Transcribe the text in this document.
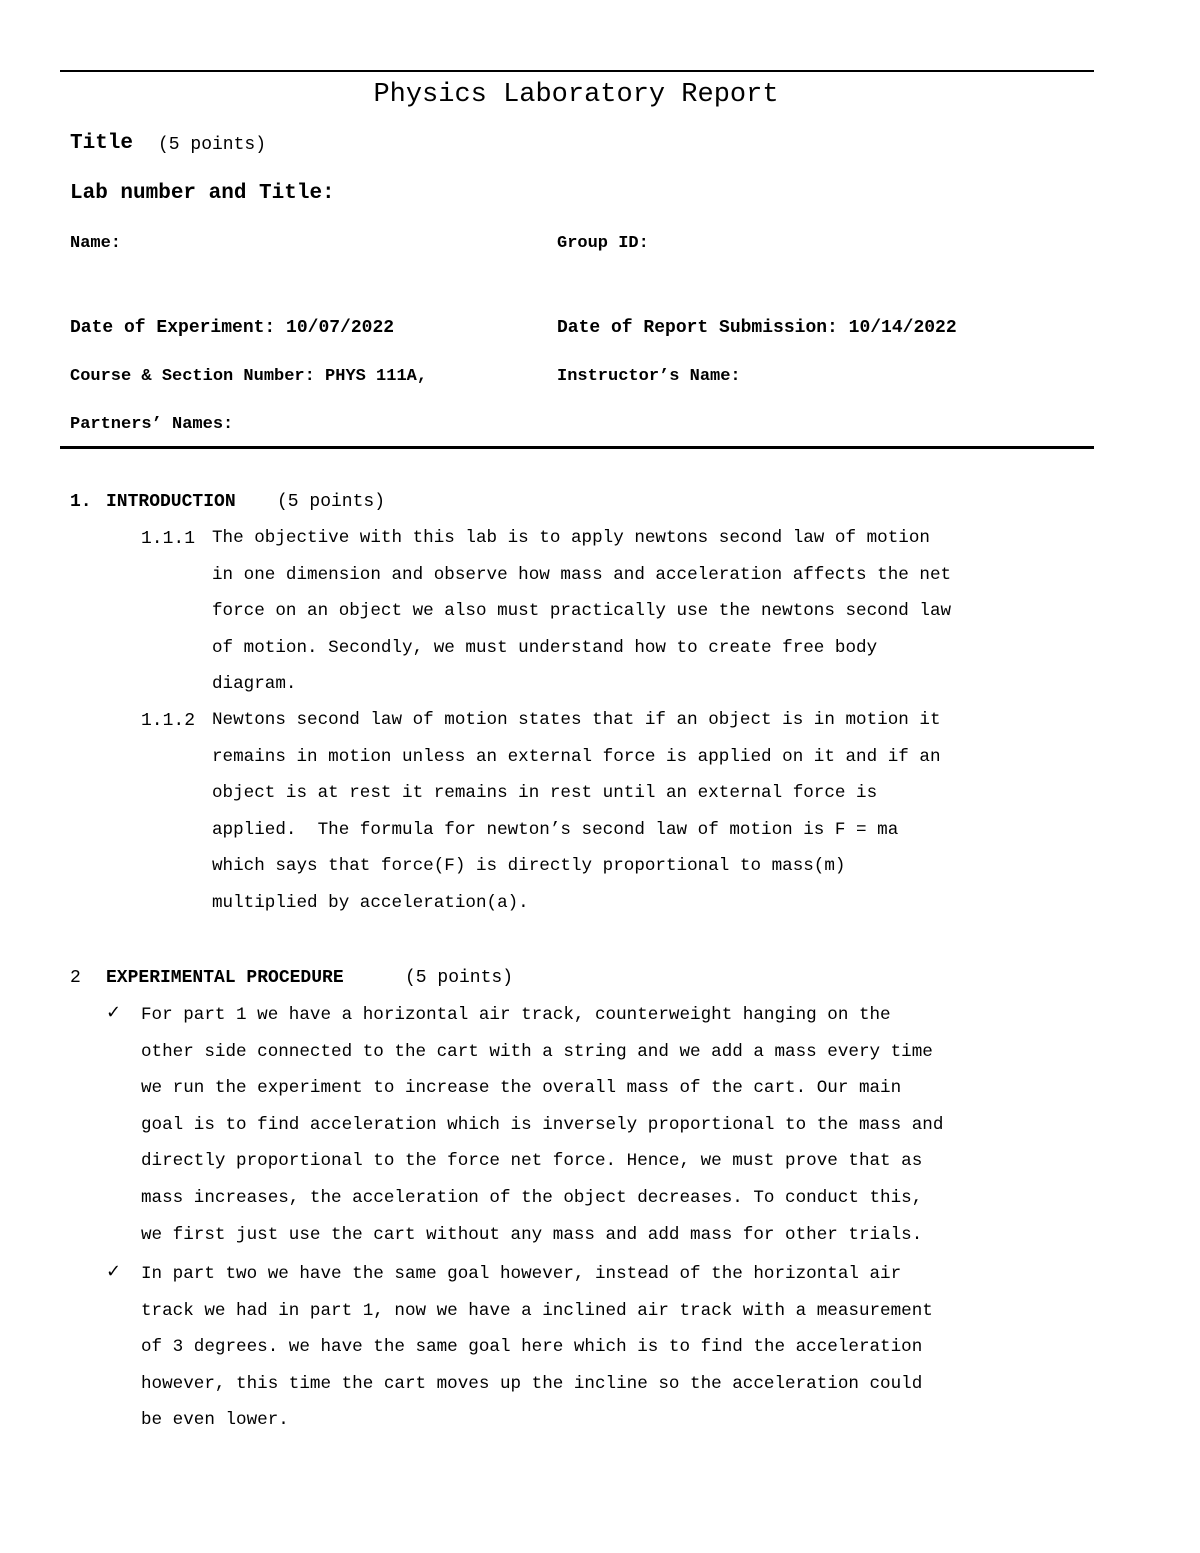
Physics Laboratory Report
Title (5 points)
Lab number and Title:
Name:	Group ID:
Date of Experiment: 10/07/2022	Date of Report Submission: 10/14/2022
Course & Section Number: PHYS 111A,	Instructor’s Name:
Partners’ Names:
1. INTRODUCTION (5 points)
1.1.1 The objective with this lab is to apply newtons second law of motion
in one dimension and observe how mass and acceleration affects the net
force on an object we also must practically use the newtons second law
of motion. Secondly, we must understand how to create free body
diagram.
1.1.2 Newtons second law of motion states that if an object is in motion it
remains in motion unless an external force is applied on it and if an
object is at rest it remains in rest until an external force is
applied.  The formula for newton’s second law of motion is F = ma
which says that force(F) is directly proportional to mass(m)
multiplied by acceleration(a).
2 EXPERIMENTAL PROCEDURE	(5 points)
✓ For part 1 we have a horizontal air track, counterweight hanging on the
other side connected to the cart with a string and we add a mass every time
we run the experiment to increase the overall mass of the cart. Our main
goal is to find acceleration which is inversely proportional to the mass and
directly proportional to the force net force. Hence, we must prove that as
mass increases, the acceleration of the object decreases. To conduct this,
we first just use the cart without any mass and add mass for other trials.
✓ In part two we have the same goal however, instead of the horizontal air
track we had in part 1, now we have a inclined air track with a measurement
of 3 degrees. we have the same goal here which is to find the acceleration
however, this time the cart moves up the incline so the acceleration could
be even lower.
